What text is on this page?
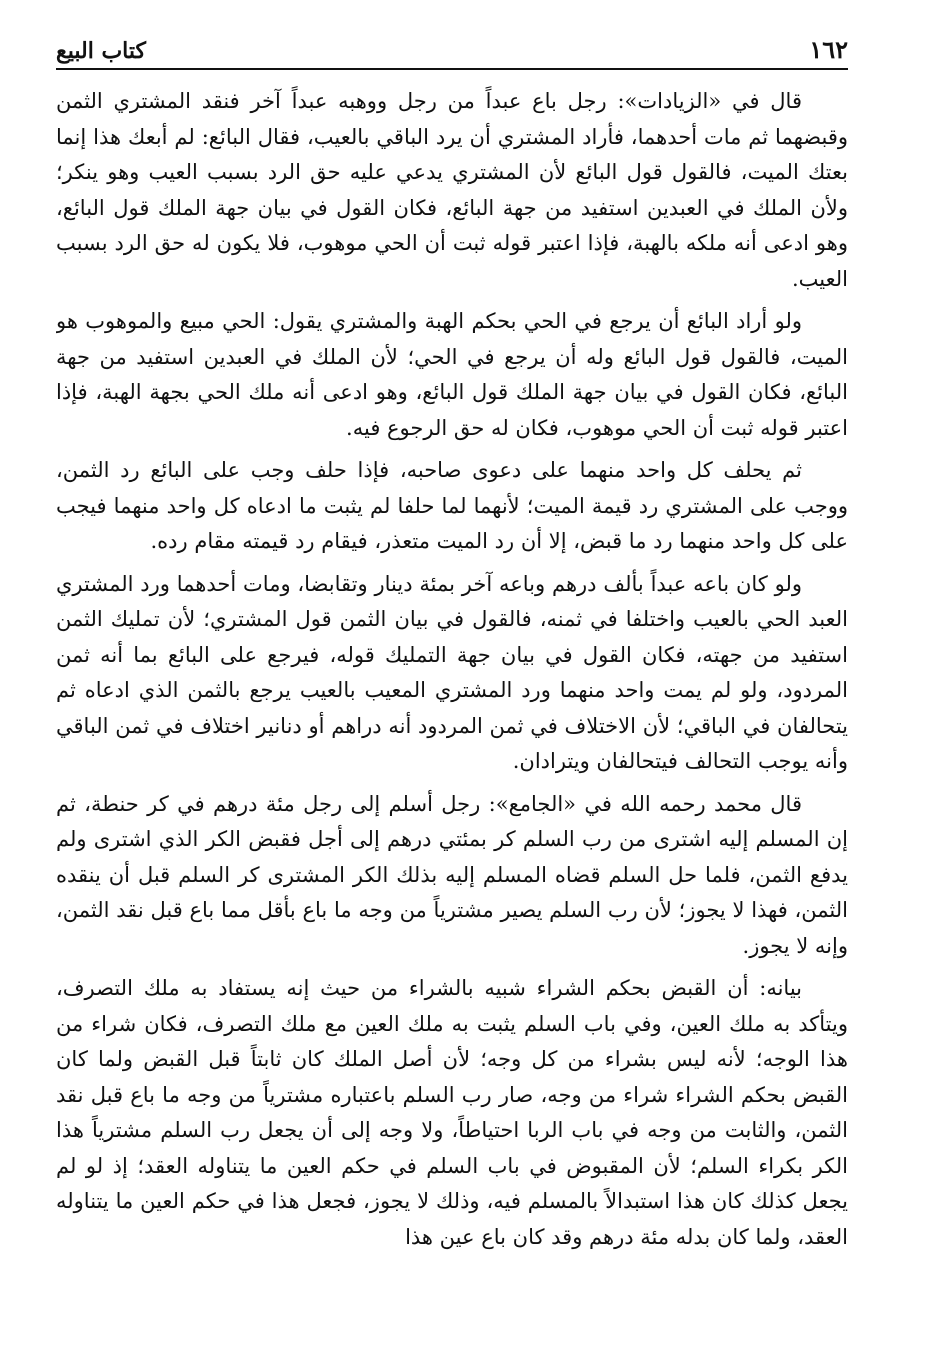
١٦٢
كتاب البيع

قال في «الزيادات»: رجل باع عبداً من رجل ووهبه عبداً آخر فنقد المشتري الثمن وقبضهما ثم مات أحدهما، فأراد المشتري أن يرد الباقي بالعيب، فقال البائع: لم أبعك هذا إنما بعتك الميت، فالقول قول البائع لأن المشتري يدعي عليه حق الرد بسبب العيب وهو ينكر؛ ولأن الملك في العبدين استفيد من جهة البائع، فكان القول في بيان جهة الملك قول البائع، وهو ادعى أنه ملكه بالهبة، فإذا اعتبر قوله ثبت أن الحي موهوب، فلا يكون له حق الرد بسبب العيب.

ولو أراد البائع أن يرجع في الحي بحكم الهبة والمشتري يقول: الحي مبيع والموهوب هو الميت، فالقول قول البائع وله أن يرجع في الحي؛ لأن الملك في العبدين استفيد من جهة البائع، فكان القول في بيان جهة الملك قول البائع، وهو ادعى أنه ملك الحي بجهة الهبة، فإذا اعتبر قوله ثبت أن الحي موهوب، فكان له حق الرجوع فيه.

ثم يحلف كل واحد منهما على دعوى صاحبه، فإذا حلف وجب على البائع رد الثمن، ووجب على المشتري رد قيمة الميت؛ لأنهما لما حلفا لم يثبت ما ادعاه كل واحد منهما فيجب على كل واحد منهما رد ما قبض، إلا أن رد الميت متعذر، فيقام رد قيمته مقام رده.

ولو كان باعه عبداً بألف درهم وباعه آخر بمئة دينار وتقابضا، ومات أحدهما ورد المشتري العبد الحي بالعيب واختلفا في ثمنه، فالقول في بيان الثمن قول المشتري؛ لأن تمليك الثمن استفيد من جهته، فكان القول في بيان جهة التمليك قوله، فيرجع على البائع بما أنه ثمن المردود، ولو لم يمت واحد منهما ورد المشتري المعيب بالعيب يرجع بالثمن الذي ادعاه ثم يتحالفان في الباقي؛ لأن الاختلاف في ثمن المردود أنه دراهم أو دنانير اختلاف في ثمن الباقي وأنه يوجب التحالف فيتحالفان ويترادان.

قال محمد رحمه الله في «الجامع»: رجل أسلم إلى رجل مئة درهم في كر حنطة، ثم إن المسلم إليه اشترى من رب السلم كر بمئتي درهم إلى أجل فقبض الكر الذي اشترى ولم يدفع الثمن، فلما حل السلم قضاه المسلم إليه بذلك الكر المشترى كر السلم قبل أن ينقده الثمن، فهذا لا يجوز؛ لأن رب السلم يصير مشترياً من وجه ما باع بأقل مما باع قبل نقد الثمن، وإنه لا يجوز.

بيانه: أن القبض بحكم الشراء شبيه بالشراء من حيث إنه يستفاد به ملك التصرف، ويتأكد به ملك العين، وفي باب السلم يثبت به ملك العين مع ملك التصرف، فكان شراء من هذا الوجه؛ لأنه ليس بشراء من كل وجه؛ لأن أصل الملك كان ثابتاً قبل القبض ولما كان القبض بحكم الشراء شراء من وجه، صار رب السلم باعتباره مشترياً من وجه ما باع قبل نقد الثمن، والثابت من وجه في باب الربا احتياطاً، ولا وجه إلى أن يجعل رب السلم مشترياً هذا الكر بكراء السلم؛ لأن المقبوض في باب السلم في حكم العين ما يتناوله العقد؛ إذ لو لم يجعل كذلك كان هذا استبدالاً بالمسلم فيه، وذلك لا يجوز، فجعل هذا في حكم العين ما يتناوله العقد، ولما كان بدله مئة درهم وقد كان باع عين هذا
